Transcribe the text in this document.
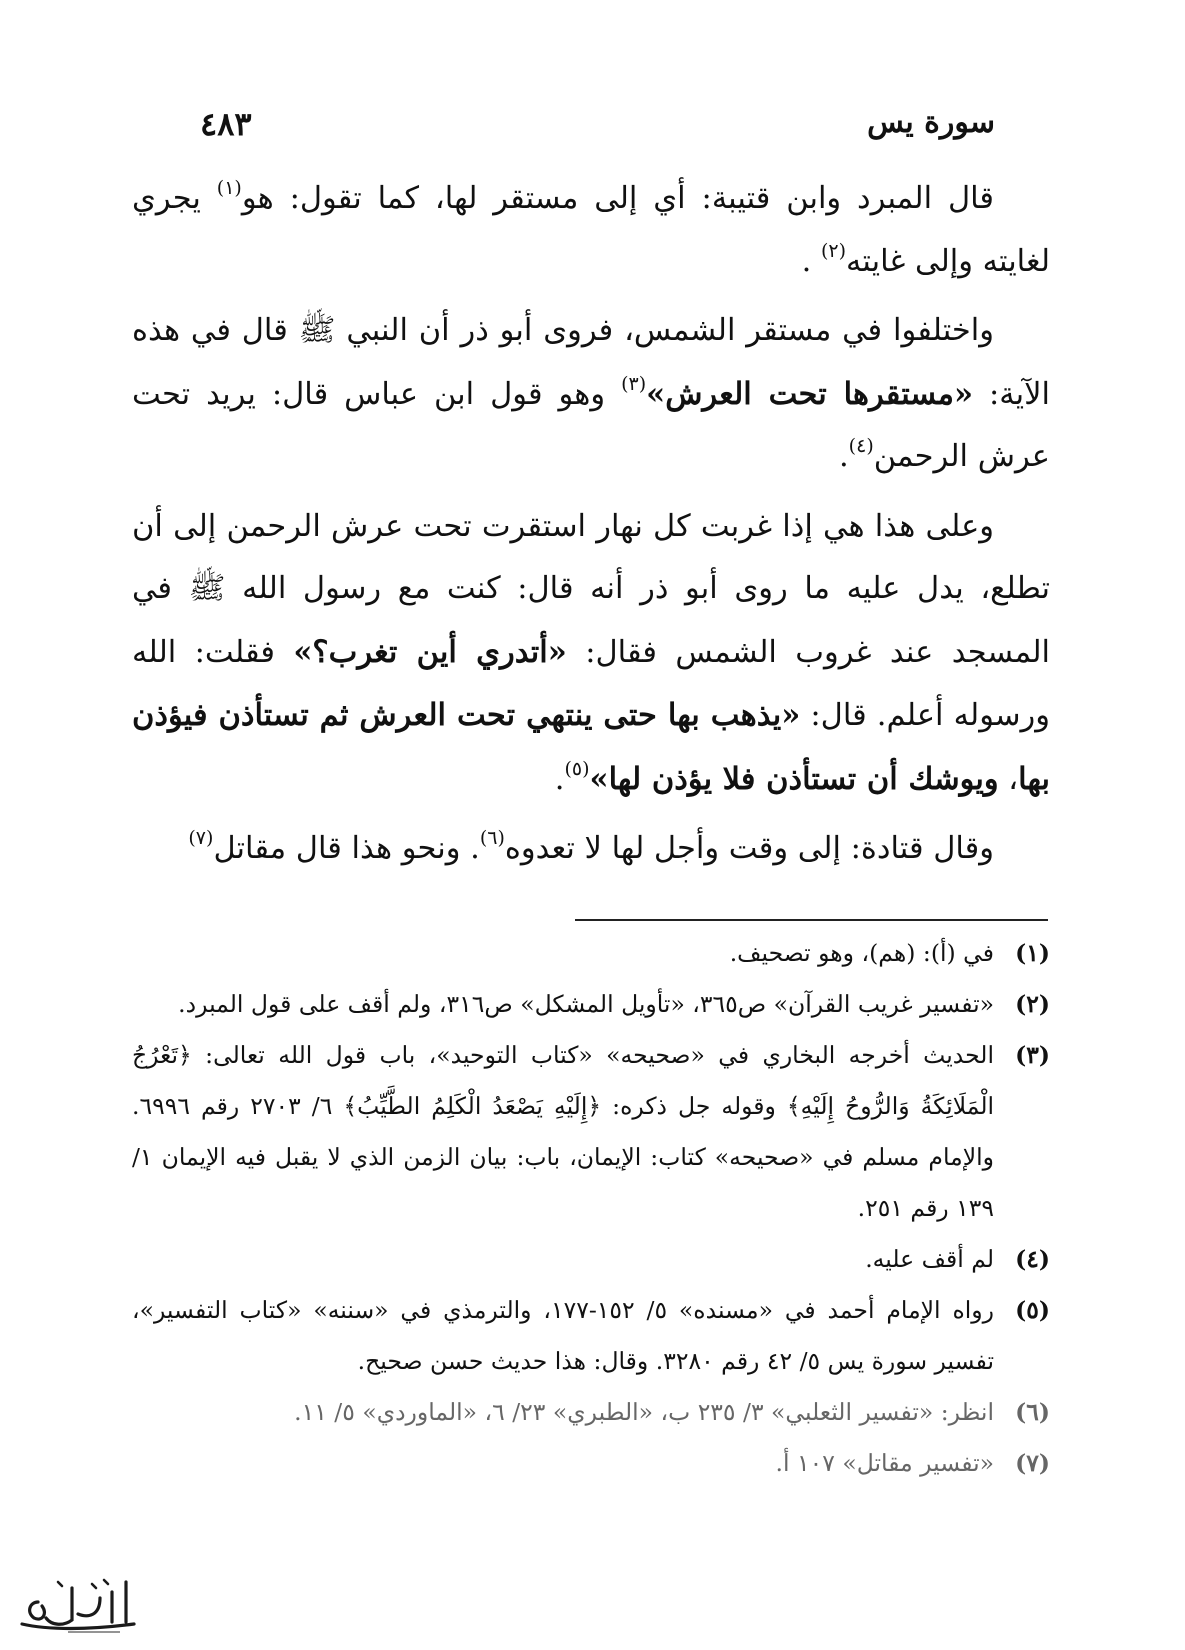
سورة يس
٤٨٣

قال المبرد وابن قتيبة: أي إلى مستقر لها، كما تقول: هو$^{(١)}$ يجري لغايته وإلى غايته$^{(٢)}$ .

واختلفوا في مستقر الشمس، فروى أبو ذر أن النبي ﷺ قال في هذه الآية: «مستقرها تحت العرش»$^{(٣)}$ وهو قول ابن عباس قال: يريد تحت عرش الرحمن$^{(٤)}$.

وعلى هذا هي إذا غربت كل نهار استقرت تحت عرش الرحمن إلى أن تطلع، يدل عليه ما روى أبو ذر أنه قال: كنت مع رسول الله ﷺ في المسجد عند غروب الشمس فقال: «أتدري أين تغرب؟» فقلت: الله ورسوله أعلم. قال: «يذهب بها حتى ينتهي تحت العرش ثم تستأذن فيؤذن بها، ويوشك أن تستأذن فلا يؤذن لها»$^{(٥)}$.

وقال قتادة: إلى وقت وأجل لها لا تعدوه$^{(٦)}$. ونحو هذا قال مقاتل$^{(٧)}$

(١)
في (أ): (هم)، وهو تصحيف.
(٢)
«تفسير غريب القرآن» ص٣٦٥، «تأويل المشكل» ص٣١٦، ولم أقف على قول المبرد.
(٣)
الحديث أخرجه البخاري في «صحيحه» «كتاب التوحيد»، باب قول الله تعالى: ﴿تَعْرُجُ الْمَلَائِكَةُ وَالرُّوحُ إِلَيْهِ﴾ وقوله جل ذكره: ﴿إِلَيْهِ يَصْعَدُ الْكَلِمُ الطَّيِّبُ﴾ ٦/ ٢٧٠٣ رقم ٦٩٩٦. والإمام مسلم في «صحيحه» كتاب: الإيمان، باب: بيان الزمن الذي لا يقبل فيه الإيمان ١/ ١٣٩ رقم ٢٥١.
(٤)
لم أقف عليه.
(٥)
رواه الإمام أحمد في «مسنده» ٥/ ١٥٢-١٧٧، والترمذي في «سننه» «كتاب التفسير»، تفسير سورة يس ٥/ ٤٢ رقم ٣٢٨٠. وقال: هذا حديث حسن صحيح.
(٦)
انظر: «تفسير الثعلبي» ٣/ ٢٣٥ ب، «الطبري» ٢٣/ ٦، «الماوردي» ٥/ ١١.
(٧)
«تفسير مقاتل» ١٠٧ أ.
